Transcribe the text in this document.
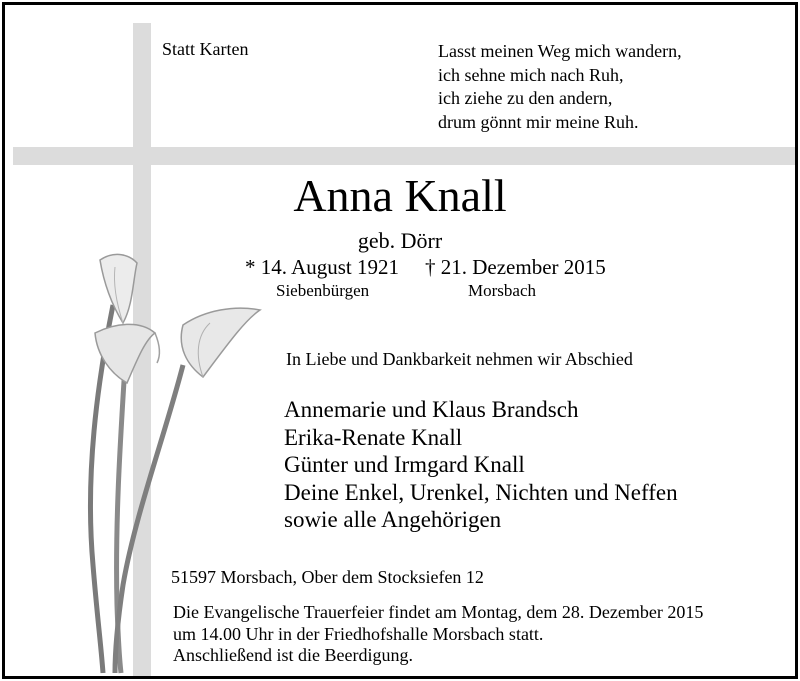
Statt Karten	Lasst meinen Weg mich wandern,
ich sehne mich nach Ruh,
ich ziehe zu den andern,
drum gönnt mir meine Ruh.
Anna Knall
geb. Dörr
* 14. August 1921 † 21. Dezember 2015
Siebenbürgen	Morsbach
In Liebe und Dankbarkeit nehmen wir Abschied
Annemarie und Klaus Brandsch
Erika-Renate Knall
Günter und Irmgard Knall
Deine Enkel, Urenkel, Nichten und Neffen
sowie alle Angehörigen
51597 Morsbach, Ober dem Stocksiefen 12
Die Evangelische Trauerfeier findet am Montag, dem 28. Dezember 2015
um 14.00 Uhr in der Friedhofshalle Morsbach statt.
Anschließend ist die Beerdigung.
